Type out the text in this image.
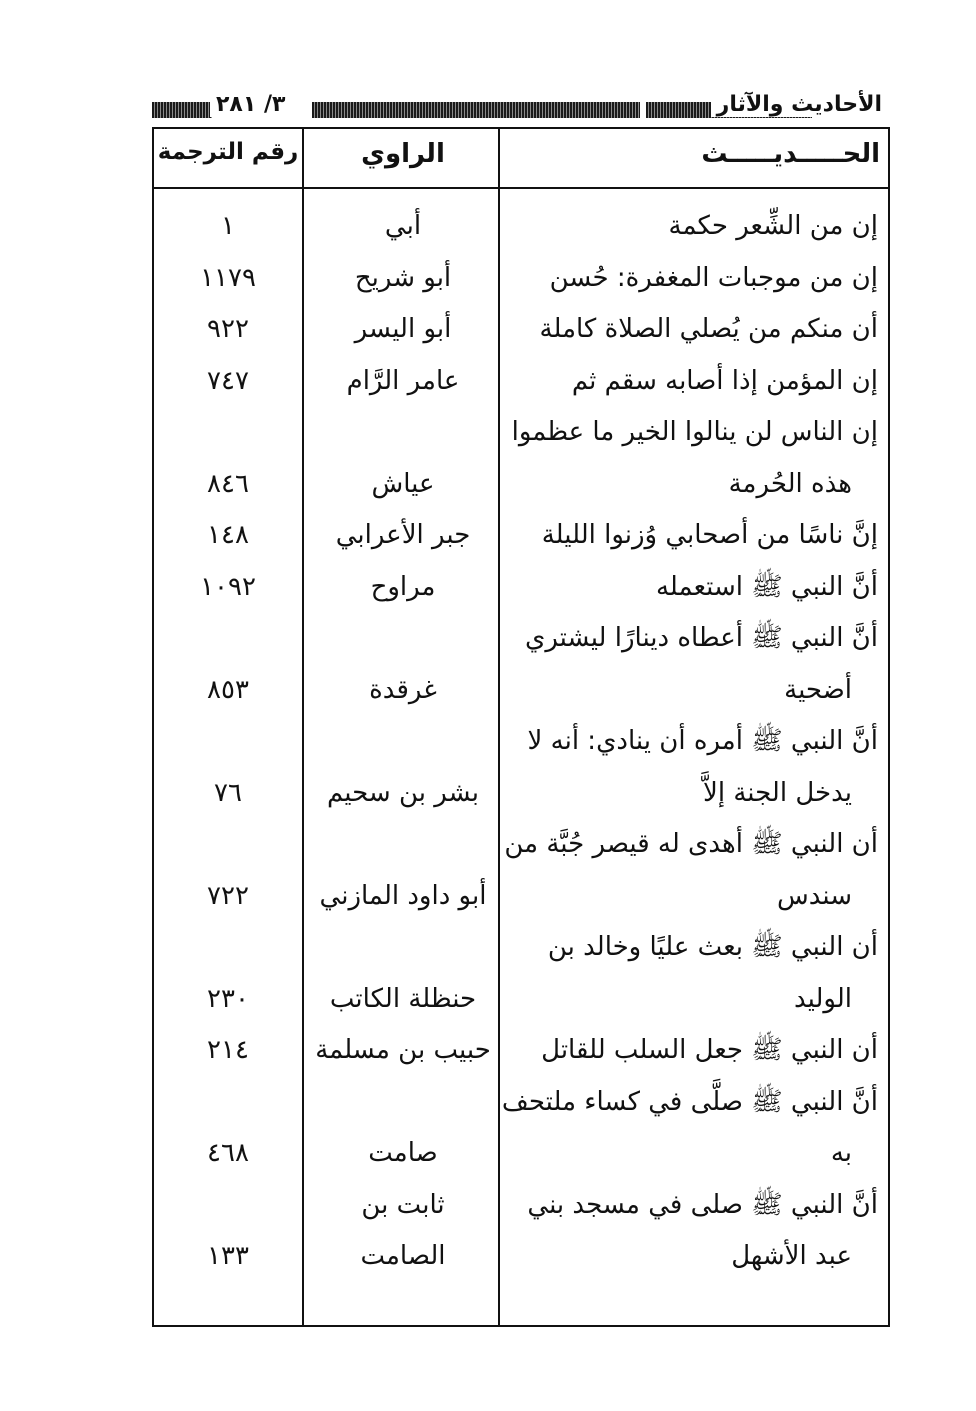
الأحاديث والآثار
٣/ ٢٨١
الحـــــديـــــث
الراوي
رقم الترجمة
إن من الشِّعر حكمة
أبي
١
إن من موجبات المغفرة: حُسن
أبو شريح
١١٧٩
أن منكم من يُصلي الصلاة كاملة
أبو اليسر
٩٢٢
إن المؤمن إذا أصابه سقم ثم
عامر الرَّام
٧٤٧
إن الناس لن ينالوا الخير ما عظموا
هذه الحُرمة
عياش
٨٤٦
إنَّ ناسًا من أصحابي وُزنوا الليلة
جبر الأعرابي
١٤٨
أنَّ النبي ﷺ استعمله
مراوح
١٠٩٢
أنَّ النبي ﷺ أعطاه دينارًا ليشتري
أضحية
غرقدة
٨٥٣
أنَّ النبي ﷺ أمره أن ينادي: أنه لا
يدخل الجنة إلاَّ
بشر بن سحيم
٧٦
أن النبي ﷺ أهدى له قيصر جُبَّة من
سندس
أبو داود المازني
٧٢٢
أن النبي ﷺ بعث عليًا وخالد بن
الوليد
حنظلة الكاتب
٢٣٠
أن النبي ﷺ جعل السلب للقاتل
حبيب بن مسلمة
٢١٤
أنَّ النبي ﷺ صلَّى في كساء ملتحف
به
صامت
٤٦٨
أنَّ النبي ﷺ صلى في مسجد بني
عبد الأشهل
ثابت بن
الصامت
١٣٣
